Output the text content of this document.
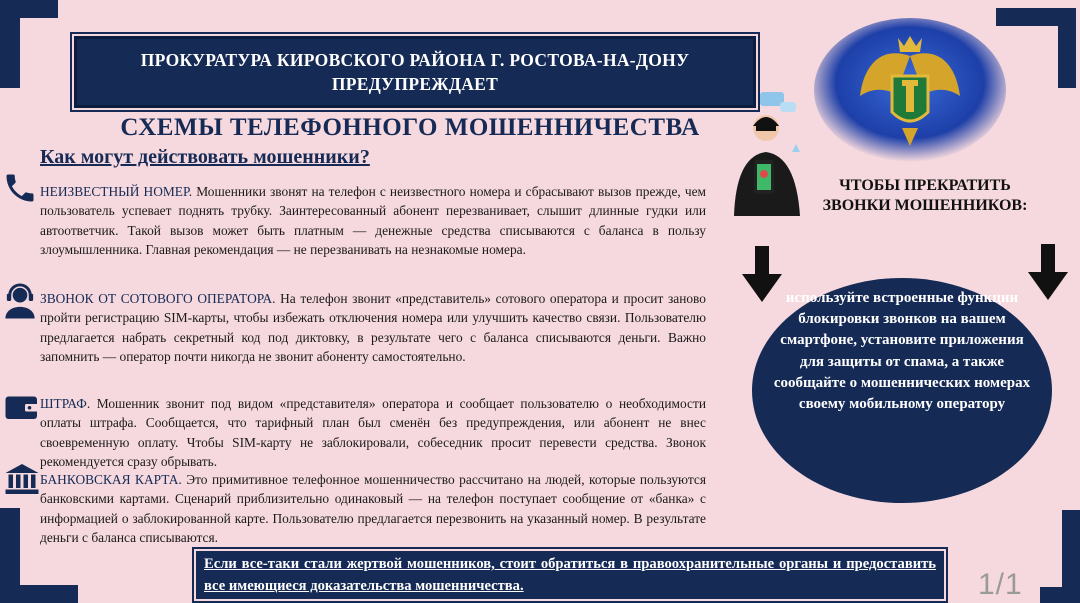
ПРОКУРАТУРА КИРОВСКОГО РАЙОНА Г. РОСТОВА-НА-ДОНУ
ПРЕДУПРЕЖДАЕТ
СХЕМЫ ТЕЛЕФОННОГО МОШЕННИЧЕСТВА
Как могут действовать мошенники?
НЕИЗВЕСТНЫЙ НОМЕР. Мошенники звонят на телефон с неизвестного номера и сбрасывают вызов прежде, чем пользователь успевает поднять трубку. Заинтересованный абонент перезванивает, слышит длинные гудки или автоответчик. Такой вызов может быть платным — денежные средства списываются с баланса в пользу злоумышленника. Главная рекомендация — не перезванивать на незнакомые номера.
ЗВОНОК ОТ СОТОВОГО ОПЕРАТОРА. На телефон звонит «представитель» сотового оператора и просит заново пройти регистрацию SIM-карты, чтобы избежать отключения номера или улучшить качество связи. Пользователю предлагается набрать секретный код под диктовку, в результате чего с баланса списываются деньги. Важно запомнить — оператор почти никогда не звонит абоненту самостоятельно.
ШТРАФ. Мошенник звонит под видом «представителя» оператора и сообщает пользователю о необходимости оплаты штрафа. Сообщается, что тарифный план был сменён без предупреждения, или абонент не внес своевременную оплату. Чтобы SIM-карту не заблокировали, собеседник просит перевести средства. Звонок рекомендуется сразу обрывать.
БАНКОВСКАЯ КАРТА. Это примитивное телефонное мошенничество рассчитано на людей, которые пользуются банковскими картами. Сценарий приблизительно одинаковый — на телефон поступает сообщение от «банка» с информацией о заблокированной карте. Пользователю предлагается перезвонить на указанный номер. В результате деньги с баланса списываются.
ЧТОБЫ ПРЕКРАТИТЬ
ЗВОНКИ МОШЕННИКОВ:
используйте встроенные функции блокировки звонков на вашем смартфоне, установите приложения для защиты от спама, а также сообщайте о мошеннических номерах своему мобильному оператору
Если все-таки стали жертвой мошенников, стоит обратиться в правоохранительные органы и предоставить все имеющиеся доказательства мошенничества.	1/1
